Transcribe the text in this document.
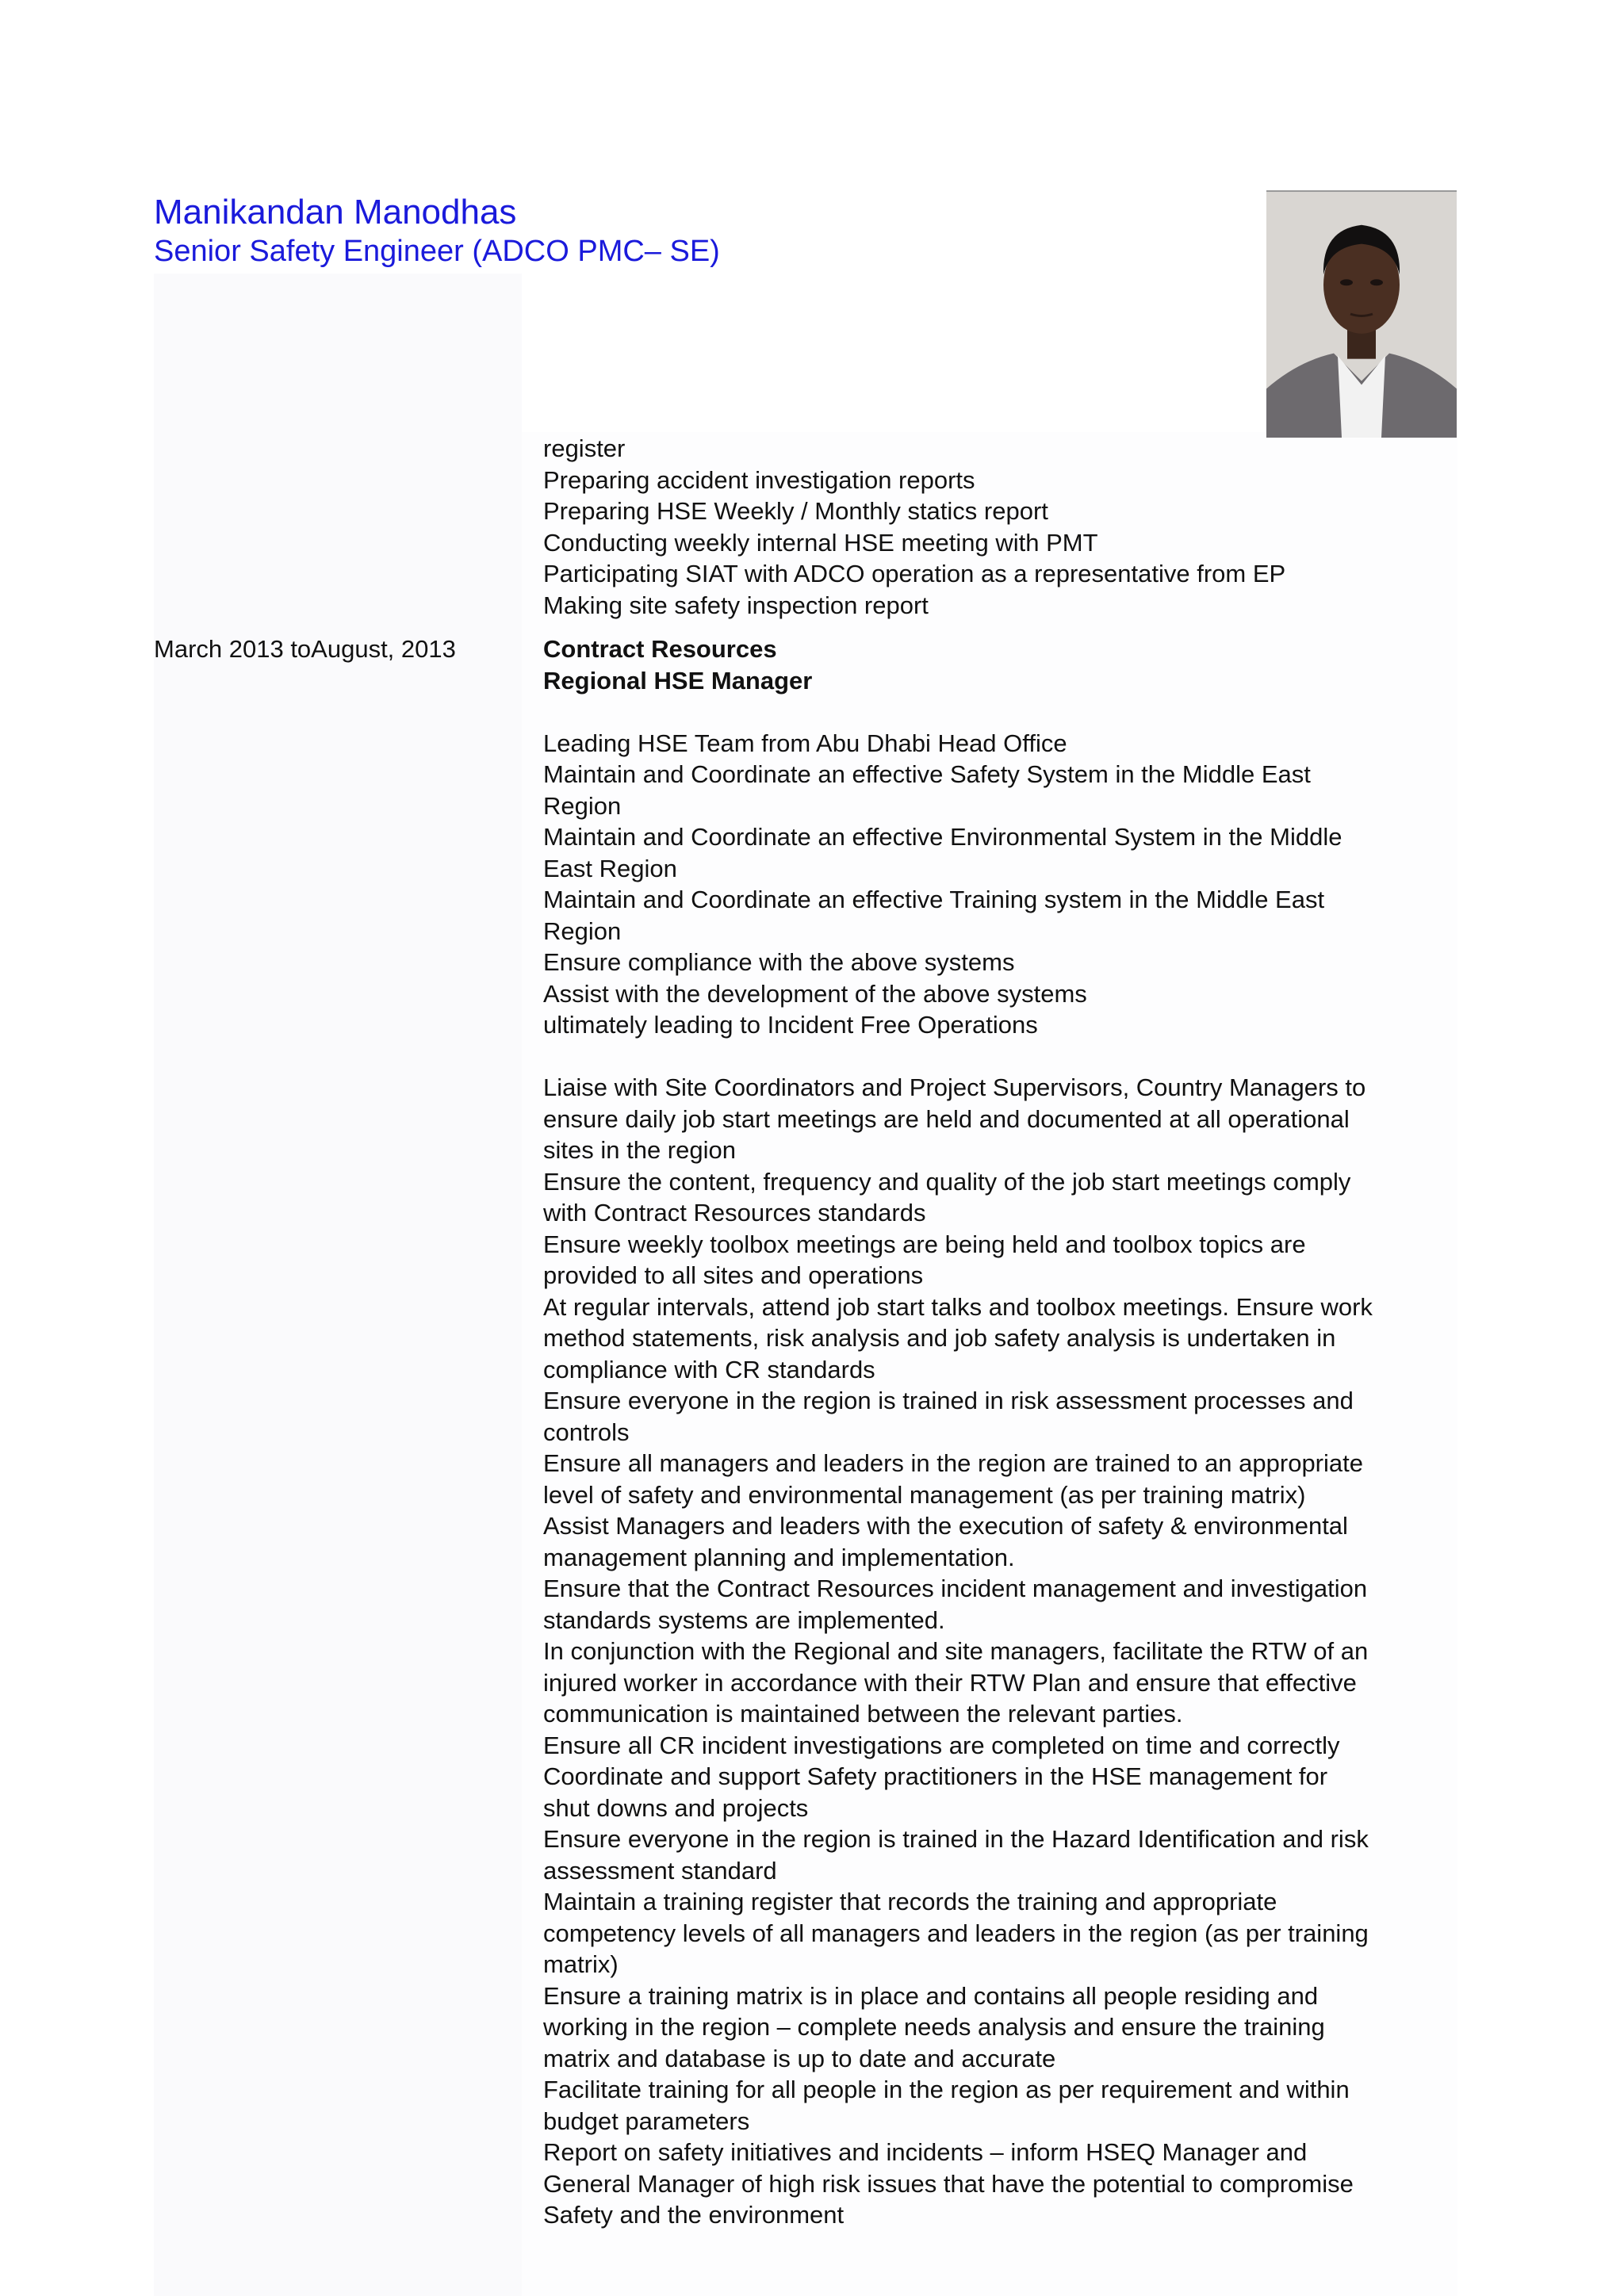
Manikandan Manodhas
Senior Safety Engineer (ADCO PMC– SE)
register
Preparing accident investigation reports
Preparing HSE Weekly / Monthly statics report
Conducting weekly internal HSE meeting with PMT
Participating SIAT with ADCO operation as a representative from EP
Making site safety inspection report
March 2013 toAugust, 2013	Contract Resources
Regional HSE Manager
Leading HSE Team from Abu Dhabi Head Office
Maintain and Coordinate an effective Safety System in the Middle East
Region
Maintain and Coordinate an effective Environmental System in the Middle
East Region
Maintain and Coordinate an effective Training system in the Middle East
Region
Ensure compliance with the above systems
Assist with the development of the above systems
ultimately leading to Incident Free Operations
Liaise with Site Coordinators and Project Supervisors, Country Managers to
ensure daily job start meetings are held and documented at all operational
sites in the region
Ensure the content, frequency and quality of the job start meetings comply
with Contract Resources standards
Ensure weekly toolbox meetings are being held and toolbox topics are
provided to all sites and operations
At regular intervals, attend job start talks and toolbox meetings. Ensure work
method statements, risk analysis and job safety analysis is undertaken in
compliance with CR standards
Ensure everyone in the region is trained in risk assessment processes and
controls
Ensure all managers and leaders in the region are trained to an appropriate
level of safety and environmental management (as per training matrix)
Assist Managers and leaders with the execution of safety & environmental
management planning and implementation.
Ensure that the Contract Resources incident management and investigation
standards systems are implemented.
In conjunction with the Regional and site managers, facilitate the RTW of an
injured worker in accordance with their RTW Plan and ensure that effective
communication is maintained between the relevant parties.
Ensure all CR incident investigations are completed on time and correctly
Coordinate and support Safety practitioners in the HSE management for
shut downs and projects
Ensure everyone in the region is trained in the Hazard Identification and risk
assessment standard
Maintain a training register that records the training and appropriate
competency levels of all managers and leaders in the region (as per training
matrix)
Ensure a training matrix is in place and contains all people residing and
working in the region – complete needs analysis and ensure the training
matrix and database is up to date and accurate
Facilitate training for all people in the region as per requirement and within
budget parameters
Report on safety initiatives and incidents – inform HSEQ Manager and
General Manager of high risk issues that have the potential to compromise
Safety and the environment
